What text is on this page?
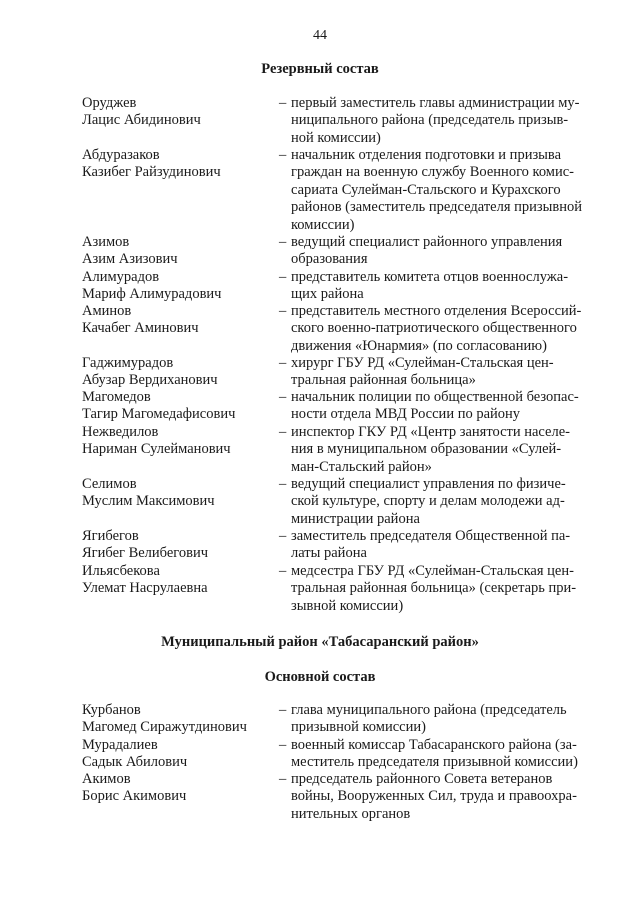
44
Резервный состав
Оруджев
Лацис Абидинович
– первый заместитель главы администрации му-
ниципального района (председатель призыв-
ной комиссии)
Абдуразаков
Казибег Райзудинович
– начальник отделения подготовки и призыва
граждан на военную службу Военного комис-
сариата Сулейман-Стальского и Курахского
районов (заместитель председателя призывной
комиссии)
Азимов
Азим Азизович
– ведущий специалист районного управления
образования
Алимурадов
Мариф Алимурадович
– представитель комитета отцов военнослужа-
щих района
Аминов
Качабег Аминович
– представитель местного отделения Всероссий-
ского военно-патриотического общественного
движения «Юнармия» (по согласованию)
Гаджимурадов
Абузар Вердиханович
– хирург ГБУ РД «Сулейман-Стальская цен-
тральная районная больница»
Магомедов
Тагир Магомедафисович
– начальник полиции по общественной безопас-
ности отдела МВД России по району
Нежведилов
Нариман Сулейманович
– инспектор ГКУ РД «Центр занятости населе-
ния в муниципальном образовании «Сулей-
ман-Стальский район»
Селимов
Муслим Максимович
– ведущий специалист управления по физиче-
ской культуре, спорту и делам молодежи ад-
министрации района
Ягибегов
Ягибег Велибегович
– заместитель председателя Общественной па-
латы района
Ильясбекова
Улемат Насрулаевна
– медсестра ГБУ РД «Сулейман-Стальская цен-
тральная районная больница» (секретарь при-
зывной комиссии)
Муниципальный район «Табасаранский район»
Основной состав
Курбанов
Магомед Сиражутдинович
– глава муниципального района (председатель
призывной комиссии)
Мурадалиев
Садык Абилович
– военный комиссар Табасаранского района (за-
меститель председателя призывной комиссии)
Акимов
Борис Акимович
– председатель районного Совета ветеранов
войны, Вооруженных Сил, труда и правоохра-
нительных органов
